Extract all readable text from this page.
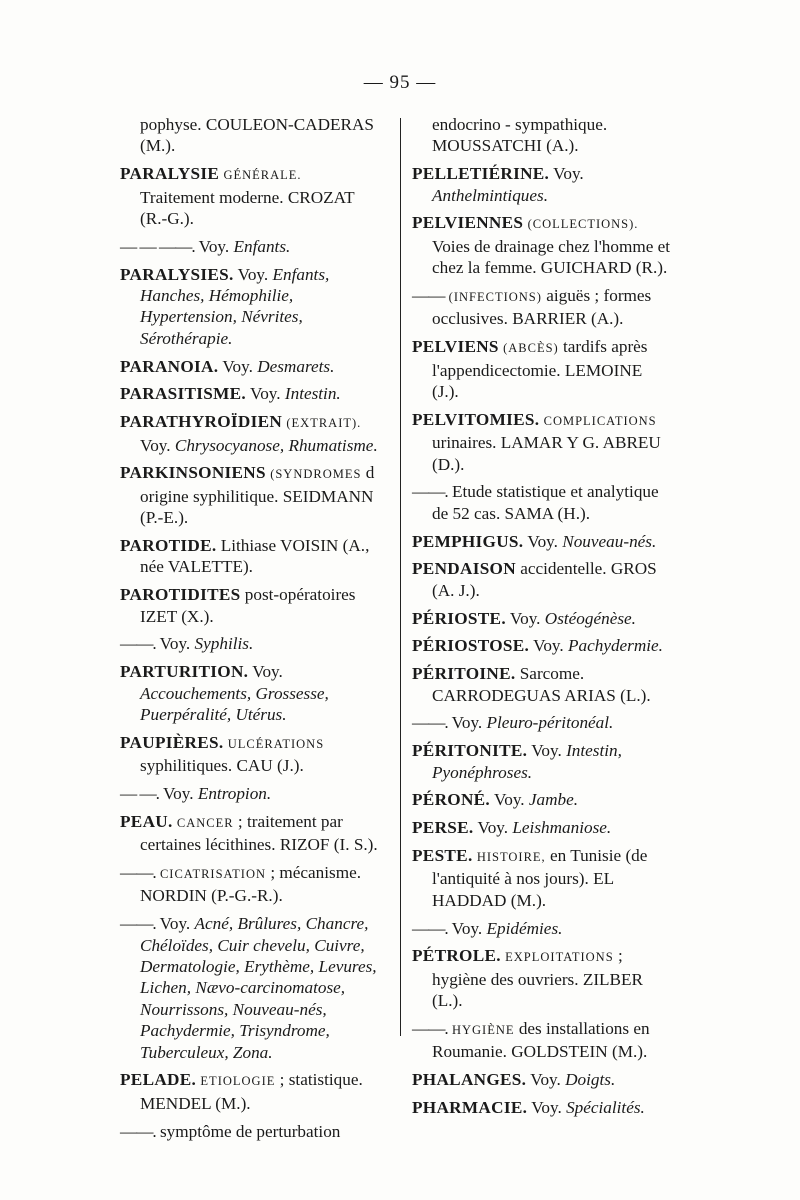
— 95 —
pophyse. COULEON-CADERAS (M.).
PARALYSIE GÉNÉRALE. Traitement moderne. CROZAT (R.-G.).
— — ——. Voy. Enfants.
PARALYSIES. Voy. Enfants, Hanches, Hémophilie, Hypertension, Névrites, Sérothérapie.
PARANOIA. Voy. Desmarets.
PARASITISME. Voy. Intestin.
PARATHYROÏDIEN (EXTRAIT). Voy. Chrysocyanose, Rhumatisme.
PARKINSONIENS (SYNDROMES d origine syphilitique. SEIDMANN (P.-E.).
PAROTIDE. Lithiase VOISIN (A., née VALETTE).
PAROTIDITES post-opératoires IZET (X.).
——. Voy. Syphilis.
PARTURITION. Voy. Accouchements, Grossesse, Puerpéralité, Utérus.
PAUPIÈRES. ULCÉRATIONS syphilitiques. CAU (J.).
— —. Voy. Entropion.
PEAU. CANCER ; traitement par certaines lécithines. RIZOF (I. S.).
——. CICATRISATION ; mécanisme. NORDIN (P.-G.-R.).
——. Voy. Acné, Brûlures, Chancre, Chéloïdes, Cuir chevelu, Cuivre, Dermatologie, Erythème, Levures, Lichen, Nævo-carcinomatose, Nourrissons, Nouveau-nés, Pachydermie, Trisyndrome, Tuberculeux, Zona.
PELADE. ETIOLOGIE ; statistique. MENDEL (M.).
——. symptôme de perturbation
endocrino - sympathique. MOUSSATCHI (A.).
PELLETIÉRINE. Voy. Anthelmintiques.
PELVIENNES (COLLECTIONS). Voies de drainage chez l'homme et chez la femme. GUICHARD (R.).
—— (INFECTIONS) aiguës ; formes occlusives. BARRIER (A.).
PELVIENS (ABCÈS) tardifs après l'appendicectomie. LEMOINE (J.).
PELVITOMIES. COMPLICATIONS urinaires. LAMAR Y G. ABREU (D.).
——. Etude statistique et analytique de 52 cas. SAMA (H.).
PEMPHIGUS. Voy. Nouveau-nés.
PENDAISON accidentelle. GROS (A. J.).
PÉRIOSTE. Voy. Ostéogénèse.
PÉRIOSTOSE. Voy. Pachydermie.
PÉRITOINE. Sarcome. CARRODEGUAS ARIAS (L.).
——. Voy. Pleuro-péritonéal.
PÉRITONITE. Voy. Intestin, Pyonéphroses.
PÉRONÉ. Voy. Jambe.
PERSE. Voy. Leishmaniose.
PESTE. HISTOIRE, en Tunisie (de l'antiquité à nos jours). EL HADDAD (M.).
——. Voy. Epidémies.
PÉTROLE. EXPLOITATIONS ; hygiène des ouvriers. ZILBER (L.).
——. HYGIÈNE des installations en Roumanie. GOLDSTEIN (M.).
PHALANGES. Voy. Doigts.
PHARMACIE. Voy. Spécialités.
